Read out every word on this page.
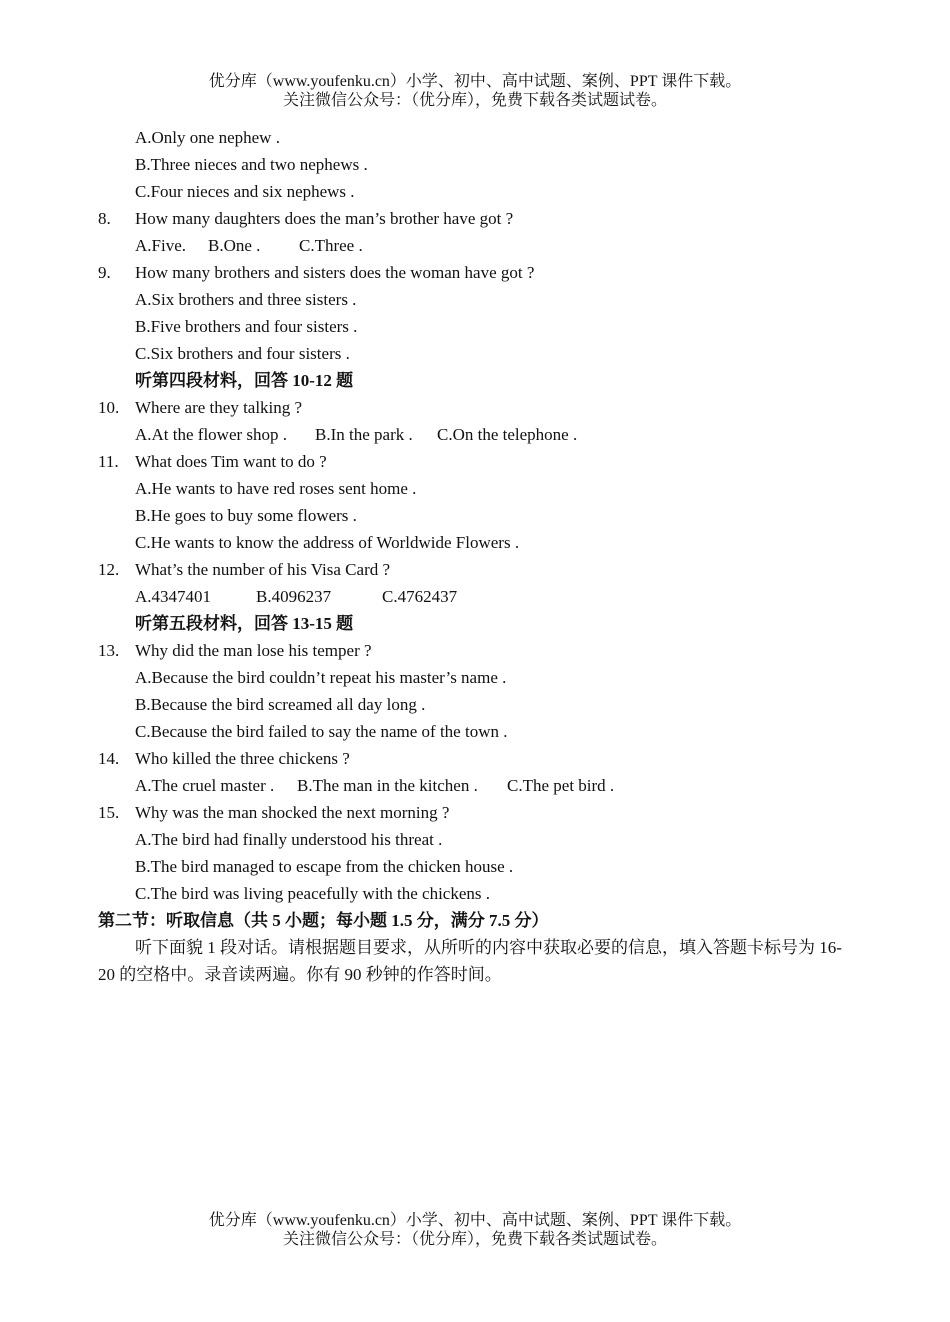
优分库（www.youfenku.cn）小学、初中、高中试题、案例、PPT 课件下载。
关注微信公众号：（优分库），免费下载各类试题试卷。
A.Only one nephew .
B.Three nieces and two nephews .
C.Four nieces and six nephews .
8. How many daughters does the man’s brother have got ?
A.Five. B.One . C.Three .
9. How many brothers and sisters does the woman have got ?
A.Six brothers and three sisters .
B.Five brothers and four sisters .
C.Six brothers and four sisters .
听第四段材料，回答 10-12 题
10. Where are they talking ?
A.At the flower shop . B.In the park . C.On the telephone .
11. What does Tim want to do ?
A.He wants to have red roses sent home .
B.He goes to buy some flowers .
C.He wants to know the address of Worldwide Flowers .
12. What’s the number of his Visa Card ?
A.4347401	B.4096237	C.4762437
听第五段材料，回答 13-15 题
13. Why did the man lose his temper ?
A.Because the bird couldn’t repeat his master’s name .
B.Because the bird screamed all day long .
C.Because the bird failed to say the name of the town .
14. Who killed the three chickens ?
A.The cruel master . B.The man in the kitchen . C.The pet bird .
15. Why was the man shocked the next morning ?
A.The bird had finally understood his threat .
B.The bird managed to escape from the chicken house .
C.The bird was living peacefully with the chickens .
第二节：听取信息（共 5 小题；每小题 1.5 分，满分 7.5 分）
听下面貌 1 段对话。请根据题目要求，从所听的内容中获取必要的信息，填入答题卡标号为 16-20 的空格中。录音读两遍。你有 90 秒钟的作答时间。
优分库（www.youfenku.cn）小学、初中、高中试题、案例、PPT 课件下载。
关注微信公众号：（优分库），免费下载各类试题试卷。
